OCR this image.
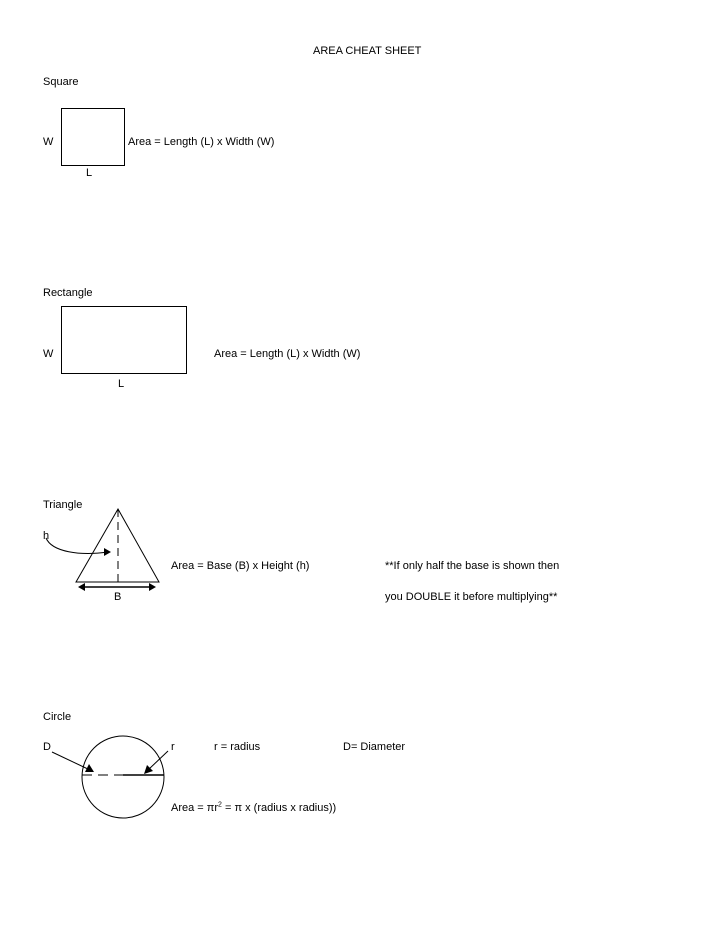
AREA CHEAT SHEET
Square
W
L
Area = Length (L) x Width (W)
Rectangle
W
L
Area = Length (L) x Width (W)
Triangle
h
B
Area = Base (B) x Height (h)	**If only half the base is shown then
you DOUBLE it before multiplying**
Circle
D	r	r = radius	D= Diameter
Area = $\pi r^2 = \pi$ x (radius x radius))
